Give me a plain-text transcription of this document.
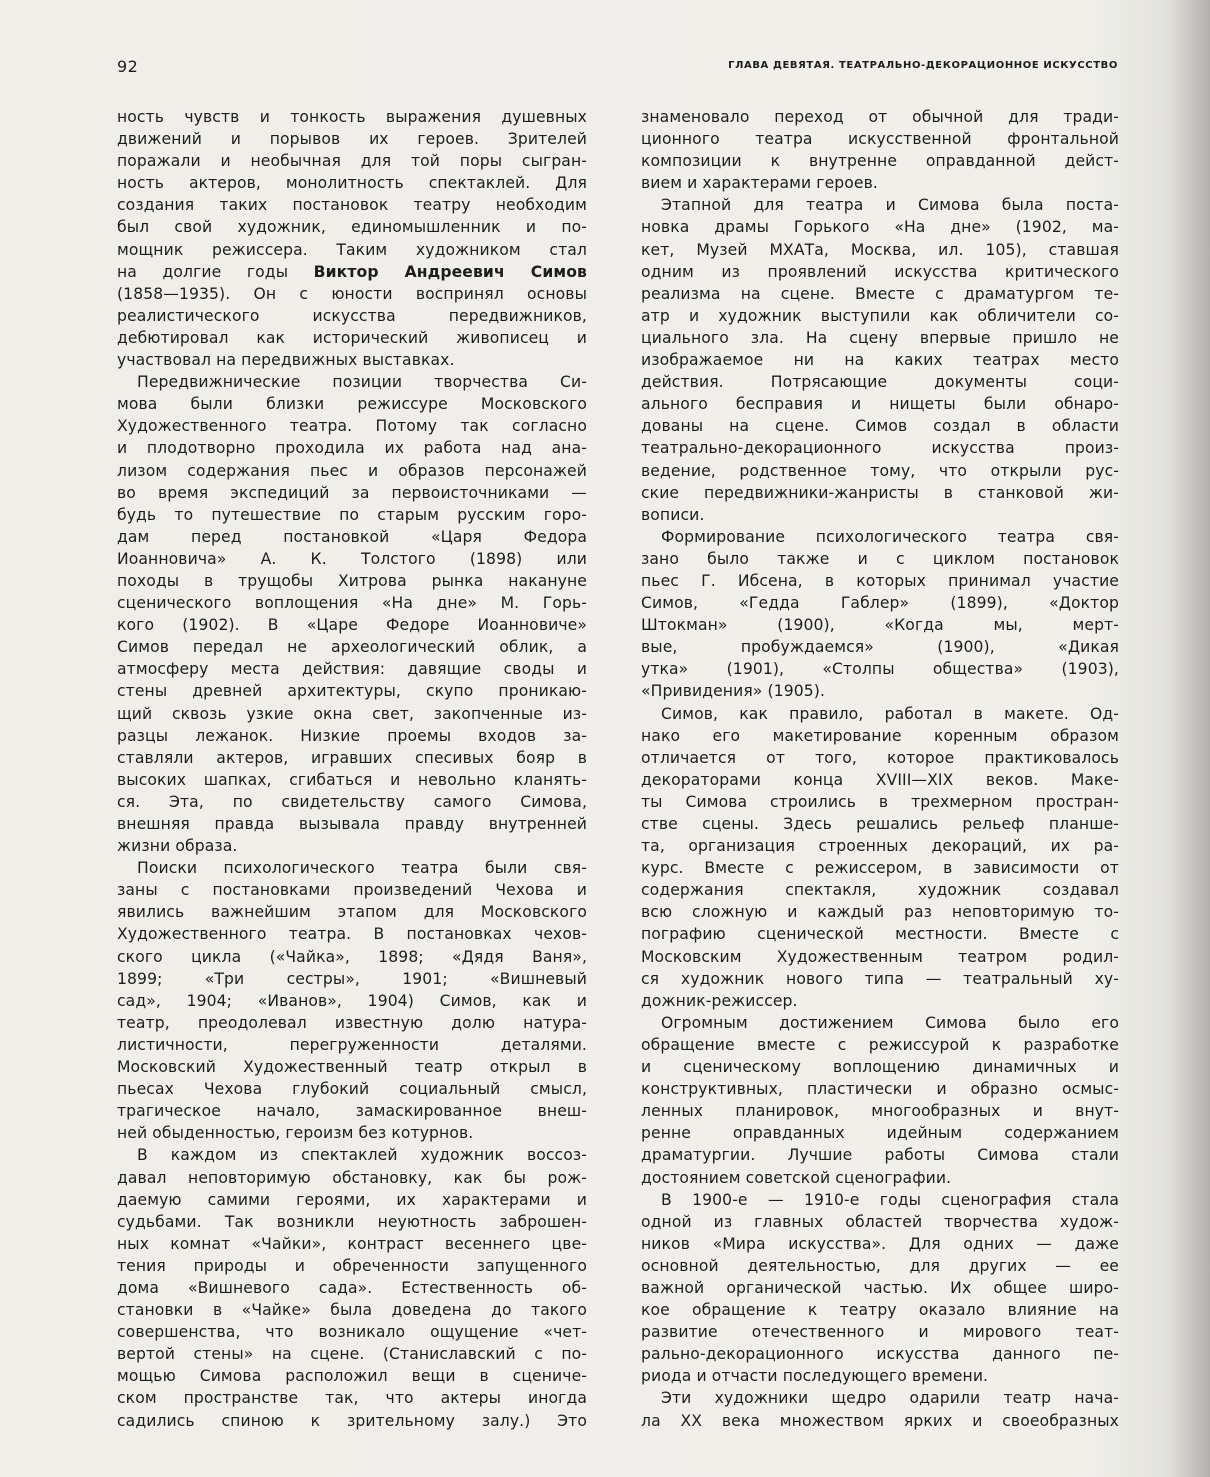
92	ГЛАВА ДЕВЯТАЯ. ТЕАТРАЛЬНО-ДЕКОРАЦИОННОЕ ИСКУССТВО
ность чувств и тонкость выражения душевных
движений и порывов их героев. Зрителей
поражали и необычная для той поры сыгран-
ность актеров, монолитность спектаклей. Для
создания таких постановок театру необходим
был свой художник, единомышленник и по-
мощник режиссера. Таким художником стал
на долгие годы Виктор Андреевич Симов
(1858—1935). Он с юности воспринял основы
реалистического искусства передвижников,
дебютировал как исторический живописец и
участвовал на передвижных выставках.
Передвижнические позиции творчества Си-
мова были близки режиссуре Московского
Художественного театра. Потому так согласно
и плодотворно проходила их работа над ана-
лизом содержания пьес и образов персонажей
во время экспедиций за первоисточниками —
будь то путешествие по старым русским горо-
дам перед постановкой «Царя Федора
Иоанновича» А. К. Толстого (1898) или
походы в трущобы Хитрова рынка накануне
сценического воплощения «На дне» М. Горь-
кого (1902). В «Царе Федоре Иоанновиче»
Симов передал не археологический облик, а
атмосферу места действия: давящие своды и
стены древней архитектуры, скупо проникаю-
щий сквозь узкие окна свет, закопченные из-
разцы лежанок. Низкие проемы входов за-
ставляли актеров, игравших спесивых бояр в
высоких шапках, сгибаться и невольно кланять-
ся. Эта, по свидетельству самого Симова,
внешняя правда вызывала правду внутренней
жизни образа.
Поиски психологического театра были свя-
заны с постановками произведений Чехова и
явились важнейшим этапом для Московского
Художественного театра. В постановках чехов-
ского цикла («Чайка», 1898; «Дядя Ваня»,
1899; «Три сестры», 1901; «Вишневый
сад», 1904; «Иванов», 1904) Симов, как и
театр, преодолевал известную долю натура-
листичности, перегруженности деталями.
Московский Художественный театр открыл в
пьесах Чехова глубокий социальный смысл,
трагическое начало, замаскированное внеш-
ней обыденностью, героизм без котурнов.
В каждом из спектаклей художник воссоз-
давал неповторимую обстановку, как бы рож-
даемую самими героями, их характерами и
судьбами. Так возникли неуютность заброшен-
ных комнат «Чайки», контраст весеннего цве-
тения природы и обреченности запущенного
дома «Вишневого сада». Естественность об-
становки в «Чайке» была доведена до такого
совершенства, что возникало ощущение «чет-
вертой стены» на сцене. (Станиславский с по-
мощью Симова расположил вещи в сцениче-
ском пространстве так, что актеры иногда
садились спиною к зрительному залу.) Это
знаменовало переход от обычной для тради-
ционного театра искусственной фронтальной
композиции к внутренне оправданной дейст-
вием и характерами героев.
Этапной для театра и Симова была поста-
новка драмы Горького «На дне» (1902, ма-
кет, Музей МХАТа, Москва, ил. 105), ставшая
одним из проявлений искусства критического
реализма на сцене. Вместе с драматургом те-
атр и художник выступили как обличители со-
циального зла. На сцену впервые пришло не
изображаемое ни на каких театрах место
действия. Потрясающие документы соци-
ального бесправия и нищеты были обнаро-
дованы на сцене. Симов создал в области
театрально-декорационного искусства произ-
ведение, родственное тому, что открыли рус-
ские передвижники-жанристы в станковой жи-
вописи.
Формирование психологического театра свя-
зано было также и с циклом постановок
пьес Г. Ибсена, в которых принимал участие
Симов, «Гедда Габлер» (1899), «Доктор
Штокман» (1900), «Когда мы, мерт-
вые, пробуждаемся» (1900), «Дикая
утка» (1901), «Столпы общества» (1903),
«Привидения» (1905).
Симов, как правило, работал в макете. Од-
нако его макетирование коренным образом
отличается от того, которое практиковалось
декораторами конца XVIII—XIX веков. Маке-
ты Симова строились в трехмерном простран-
стве сцены. Здесь решались рельеф планше-
та, организация строенных декораций, их ра-
курс. Вместе с режиссером, в зависимости от
содержания спектакля, художник создавал
всю сложную и каждый раз неповторимую то-
пографию сценической местности. Вместе с
Московским Художественным театром родил-
ся художник нового типа — театральный ху-
дожник-режиссер.
Огромным достижением Симова было его
обращение вместе с режиссурой к разработке
и сценическому воплощению динамичных и
конструктивных, пластически и образно осмыс-
ленных планировок, многообразных и внут-
ренне оправданных идейным содержанием
драматургии. Лучшие работы Симова стали
достоянием советской сценографии.
В 1900-е — 1910-е годы сценография стала
одной из главных областей творчества худож-
ников «Мира искусства». Для одних — даже
основной деятельностью, для других — ее
важной органической частью. Их общее широ-
кое обращение к театру оказало влияние на
развитие отечественного и мирового теат-
рально-декорационного искусства данного пе-
риода и отчасти последующего времени.
Эти художники щедро одарили театр нача-
ла XX века множеством ярких и своеобразных
